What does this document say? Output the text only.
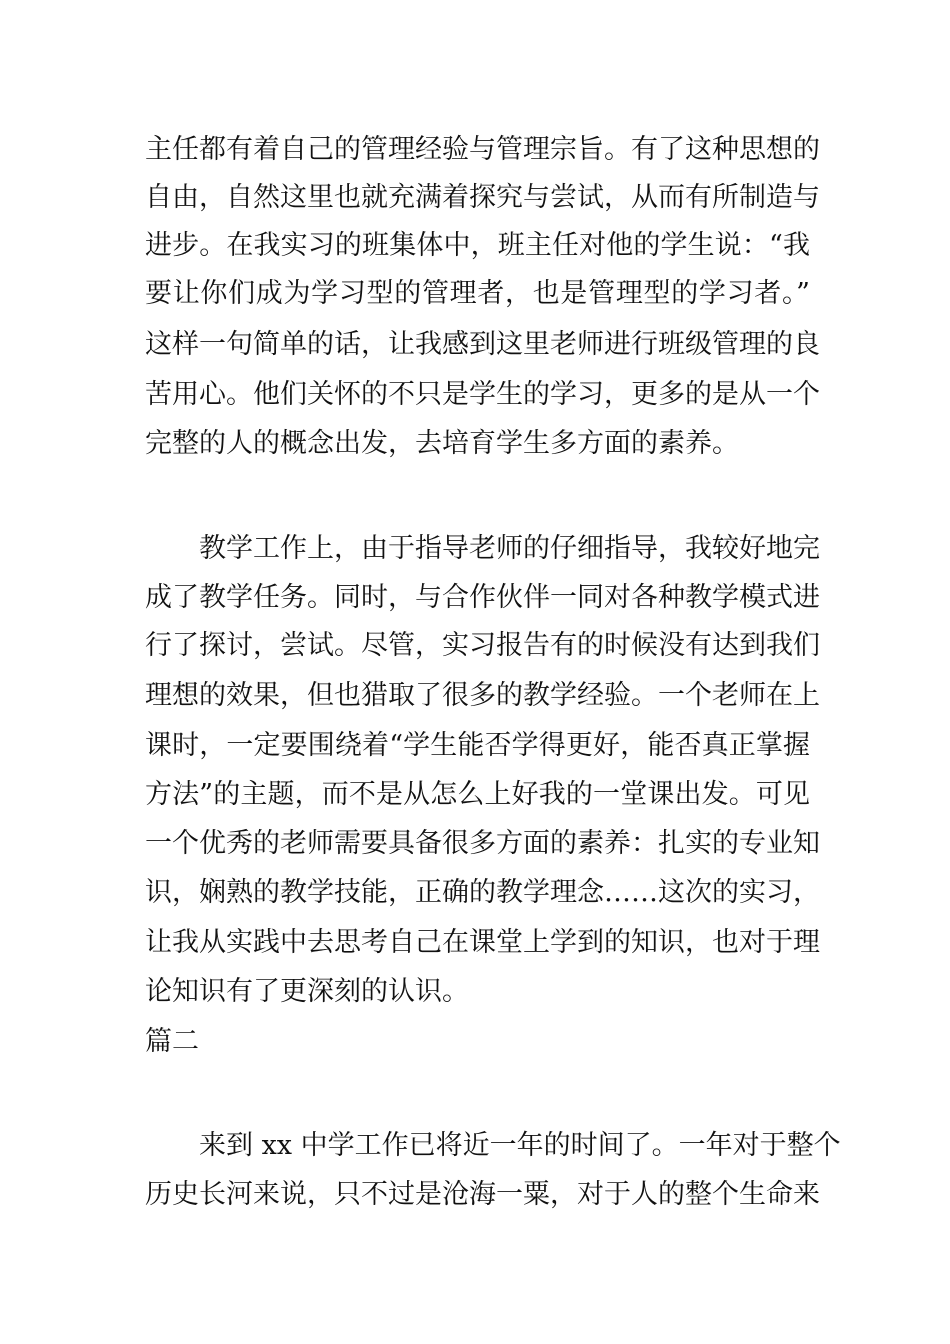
主任都有着自己的管理经验与管理宗旨。有了这种思想的
自由，自然这里也就充满着探究与尝试，从而有所制造与
进步。在我实习的班集体中，班主任对他的学生说：“我
要让你们成为学习型的管理者，也是管理型的学习者。”
这样一句简单的话，让我感到这里老师进行班级管理的良
苦用心。他们关怀的不只是学生的学习，更多的是从一个
完整的人的概念出发，去培育学生多方面的素养。
教学工作上，由于指导老师的仔细指导，我较好地完
成了教学任务。同时，与合作伙伴一同对各种教学模式进
行了探讨，尝试。尽管，实习报告有的时候没有达到我们
理想的效果，但也猎取了很多的教学经验。一个老师在上
课时，一定要围绕着“学生能否学得更好，能否真正掌握
方法”的主题，而不是从怎么上好我的一堂课出发。可见
一个优秀的老师需要具备很多方面的素养：扎实的专业知
识，娴熟的教学技能，正确的教学理念……这次的实习，
让我从实践中去思考自己在课堂上学到的知识，也对于理
论知识有了更深刻的认识。
篇二
来到 xx 中学工作已将近一年的时间了。一年对于整个
历史长河来说，只不过是沧海一粟，对于人的整个生命来
